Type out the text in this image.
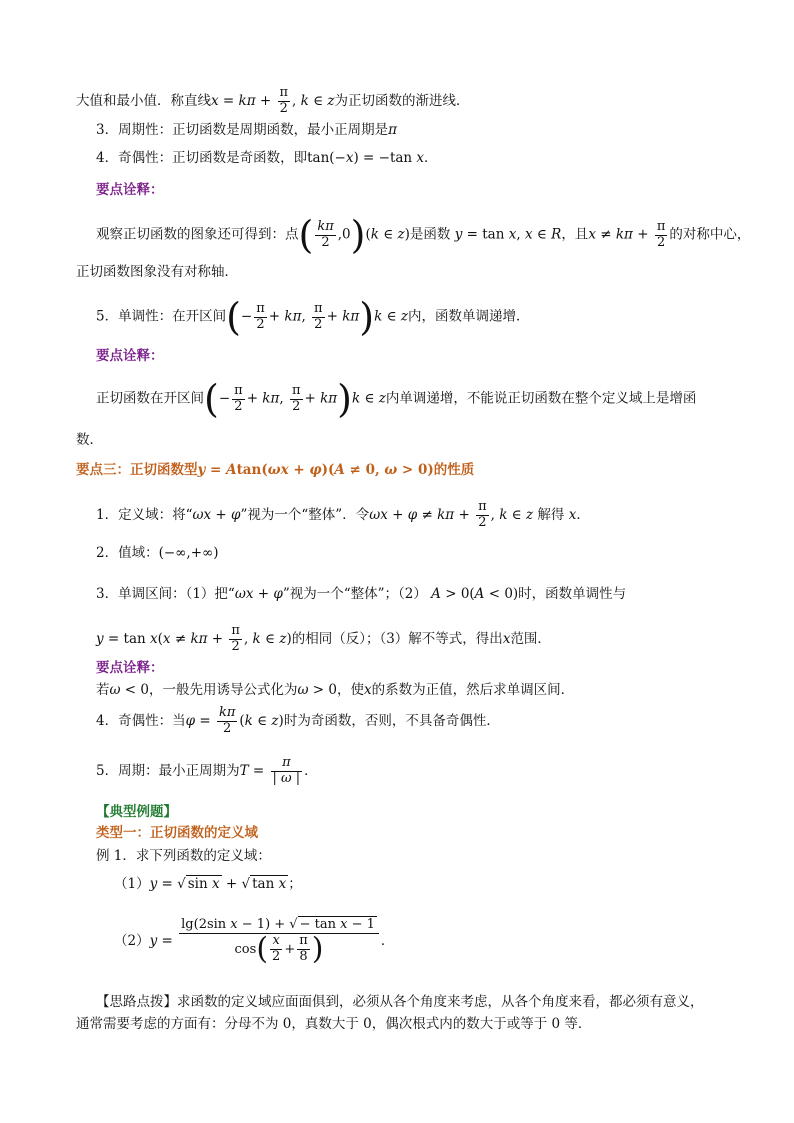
大值和最小值．称直线$x = k\pi + \frac{\pi}{2}$ , k ∈ z为正切函数的渐进线．
3．周期性：正切函数是周期函数，最小正周期是π
4．奇偶性：正切函数是奇函数，即tan(−x) = −tan x．
要点诠释：
观察正切函数的图象还可得到：点( $\frac{k\pi}{2} ,0)(k$ ∈ z)是函数 y = tan x, x ∈ R，且$x \ne k\pi + \frac{\pi}{2}$ 的对称中心，
正切函数图象没有对称轴．
5．单调性：在开区间(− $\frac{\pi}{2} + k\pi$, $\frac{\pi}{2} + k\pi)k$ ∈ z内，函数单调递增．
要点诠释：
正切函数在开区间(− $\frac{\pi}{2} + k\pi$, $\frac{\pi}{2} + k\pi)k$ ∈ z内单调递增，不能说正切函数在整个定义域上是增函
数．
要点三：正切函数型y = Atan(ωx + φ)(A ≠ 0, ω > 0)的性质
1．定义域：将“ωx + φ”视为一个“整体”．令$\omega x + \varphi \ne k\pi + \frac{\pi}{2}$ , k ∈ z 解得 x．
2．值域：(−∞,+∞)
3．单调区间：（1）把“ωx + φ”视为一个“整体”；（2） A > 0(A < 0)时，函数单调性与
$y = \tan x(x \ne k\pi + \frac{\pi}{2}$ , k ∈ z)的相同（反）；（3）解不等式，得出x范围．
要点诠释：
若ω < 0，一般先用诱导公式化为ω > 0，使x的系数为正值，然后求单调区间．
4．奇偶性：当$\varphi = \frac{k\pi}{2} (k$ ∈ z)时为奇函数，否则，不具备奇偶性．
5．周期：最小正周期为$T = \frac{\pi}{| \omega |}$ ．
【典型例题】
类型一：正切函数的定义域
例 1．求下列函数的定义域：
（1）y = √ sin x + √ tan x ；
$(2)y = \frac{\text{lg(2sin x − 1) + √ − tan x − 1}}{\cos( \frac{x}{2} + \frac{\pi}{8} )}$ ．
【思路点拨】求函数的定义域应面面俱到，必须从各个角度来考虑，从各个角度来看，都必须有意义，
通常需要考虑的方面有：分母不为 0，真数大于 0，偶次根式内的数大于或等于 0 等．
